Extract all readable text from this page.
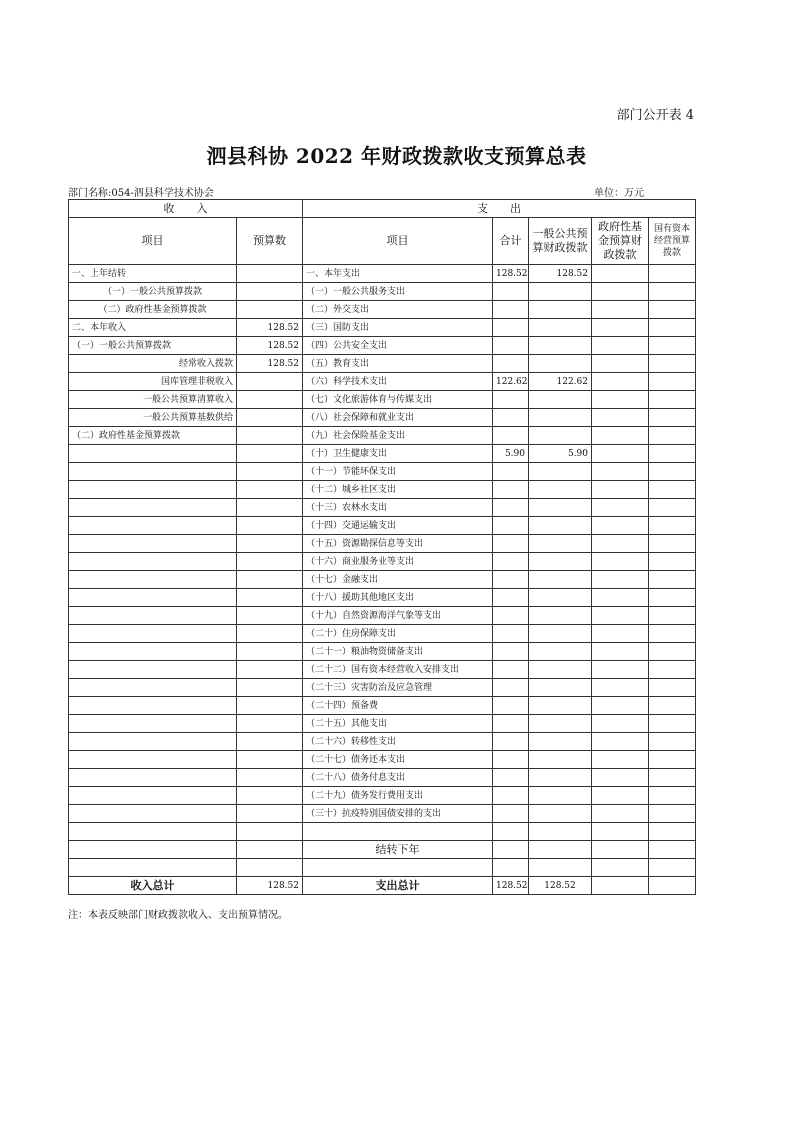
部门公开表 4
泗县科协 2022 年财政拨款收支预算总表
部门名称:054-泗县科学技术协会	单位：万元
收　　入		支　　出				
项目	预算数	项目	合计	一般公共预算财政拨款	政府性基金预算财政拨款	国有资本经营预算拨款
一、上年结转		一、本年支出	128.52	128.52		
（一）一般公共预算拨款		（一）一般公共服务支出				
（二）政府性基金预算拨款		（二）外交支出				
二、本年收入	128.52	（三）国防支出				
（一）一般公共预算拨款	128.52	（四）公共安全支出				
经常收入拨款	128.52	（五）教育支出				
国库管理非税收入		（六）科学技术支出	122.62	122.62		
一般公共预算清算收入		（七）文化旅游体育与传媒支出				
一般公共预算基数供给		（八）社会保障和就业支出				
（二）政府性基金预算拨款		（九）社会保险基金支出				
		（十）卫生健康支出	5.90	5.90		
		（十一）节能环保支出				
		（十二）城乡社区支出				
		（十三）农林水支出				
		（十四）交通运输支出				
		（十五）资源勘探信息等支出				
		（十六）商业服务业等支出				
		（十七）金融支出				
		（十八）援助其他地区支出				
		（十九）自然资源海洋气象等支出				
		（二十）住房保障支出				
		（二十一）粮油物资储备支出				
		（二十二）国有资本经营收入安排支出				
		（二十三）灾害防治及应急管理				
		（二十四）预备费				
		（二十五）其他支出				
		（二十六）转移性支出				
		（二十七）债务还本支出				
		（二十八）债务付息支出				
		（二十九）债务发行费用支出				
		（三十）抗疫特别国债安排的支出				

		结转下年				

收入总计	128.52	支出总计	128.52	128.52		
注：本表反映部门财政拨款收入、支出预算情况。
